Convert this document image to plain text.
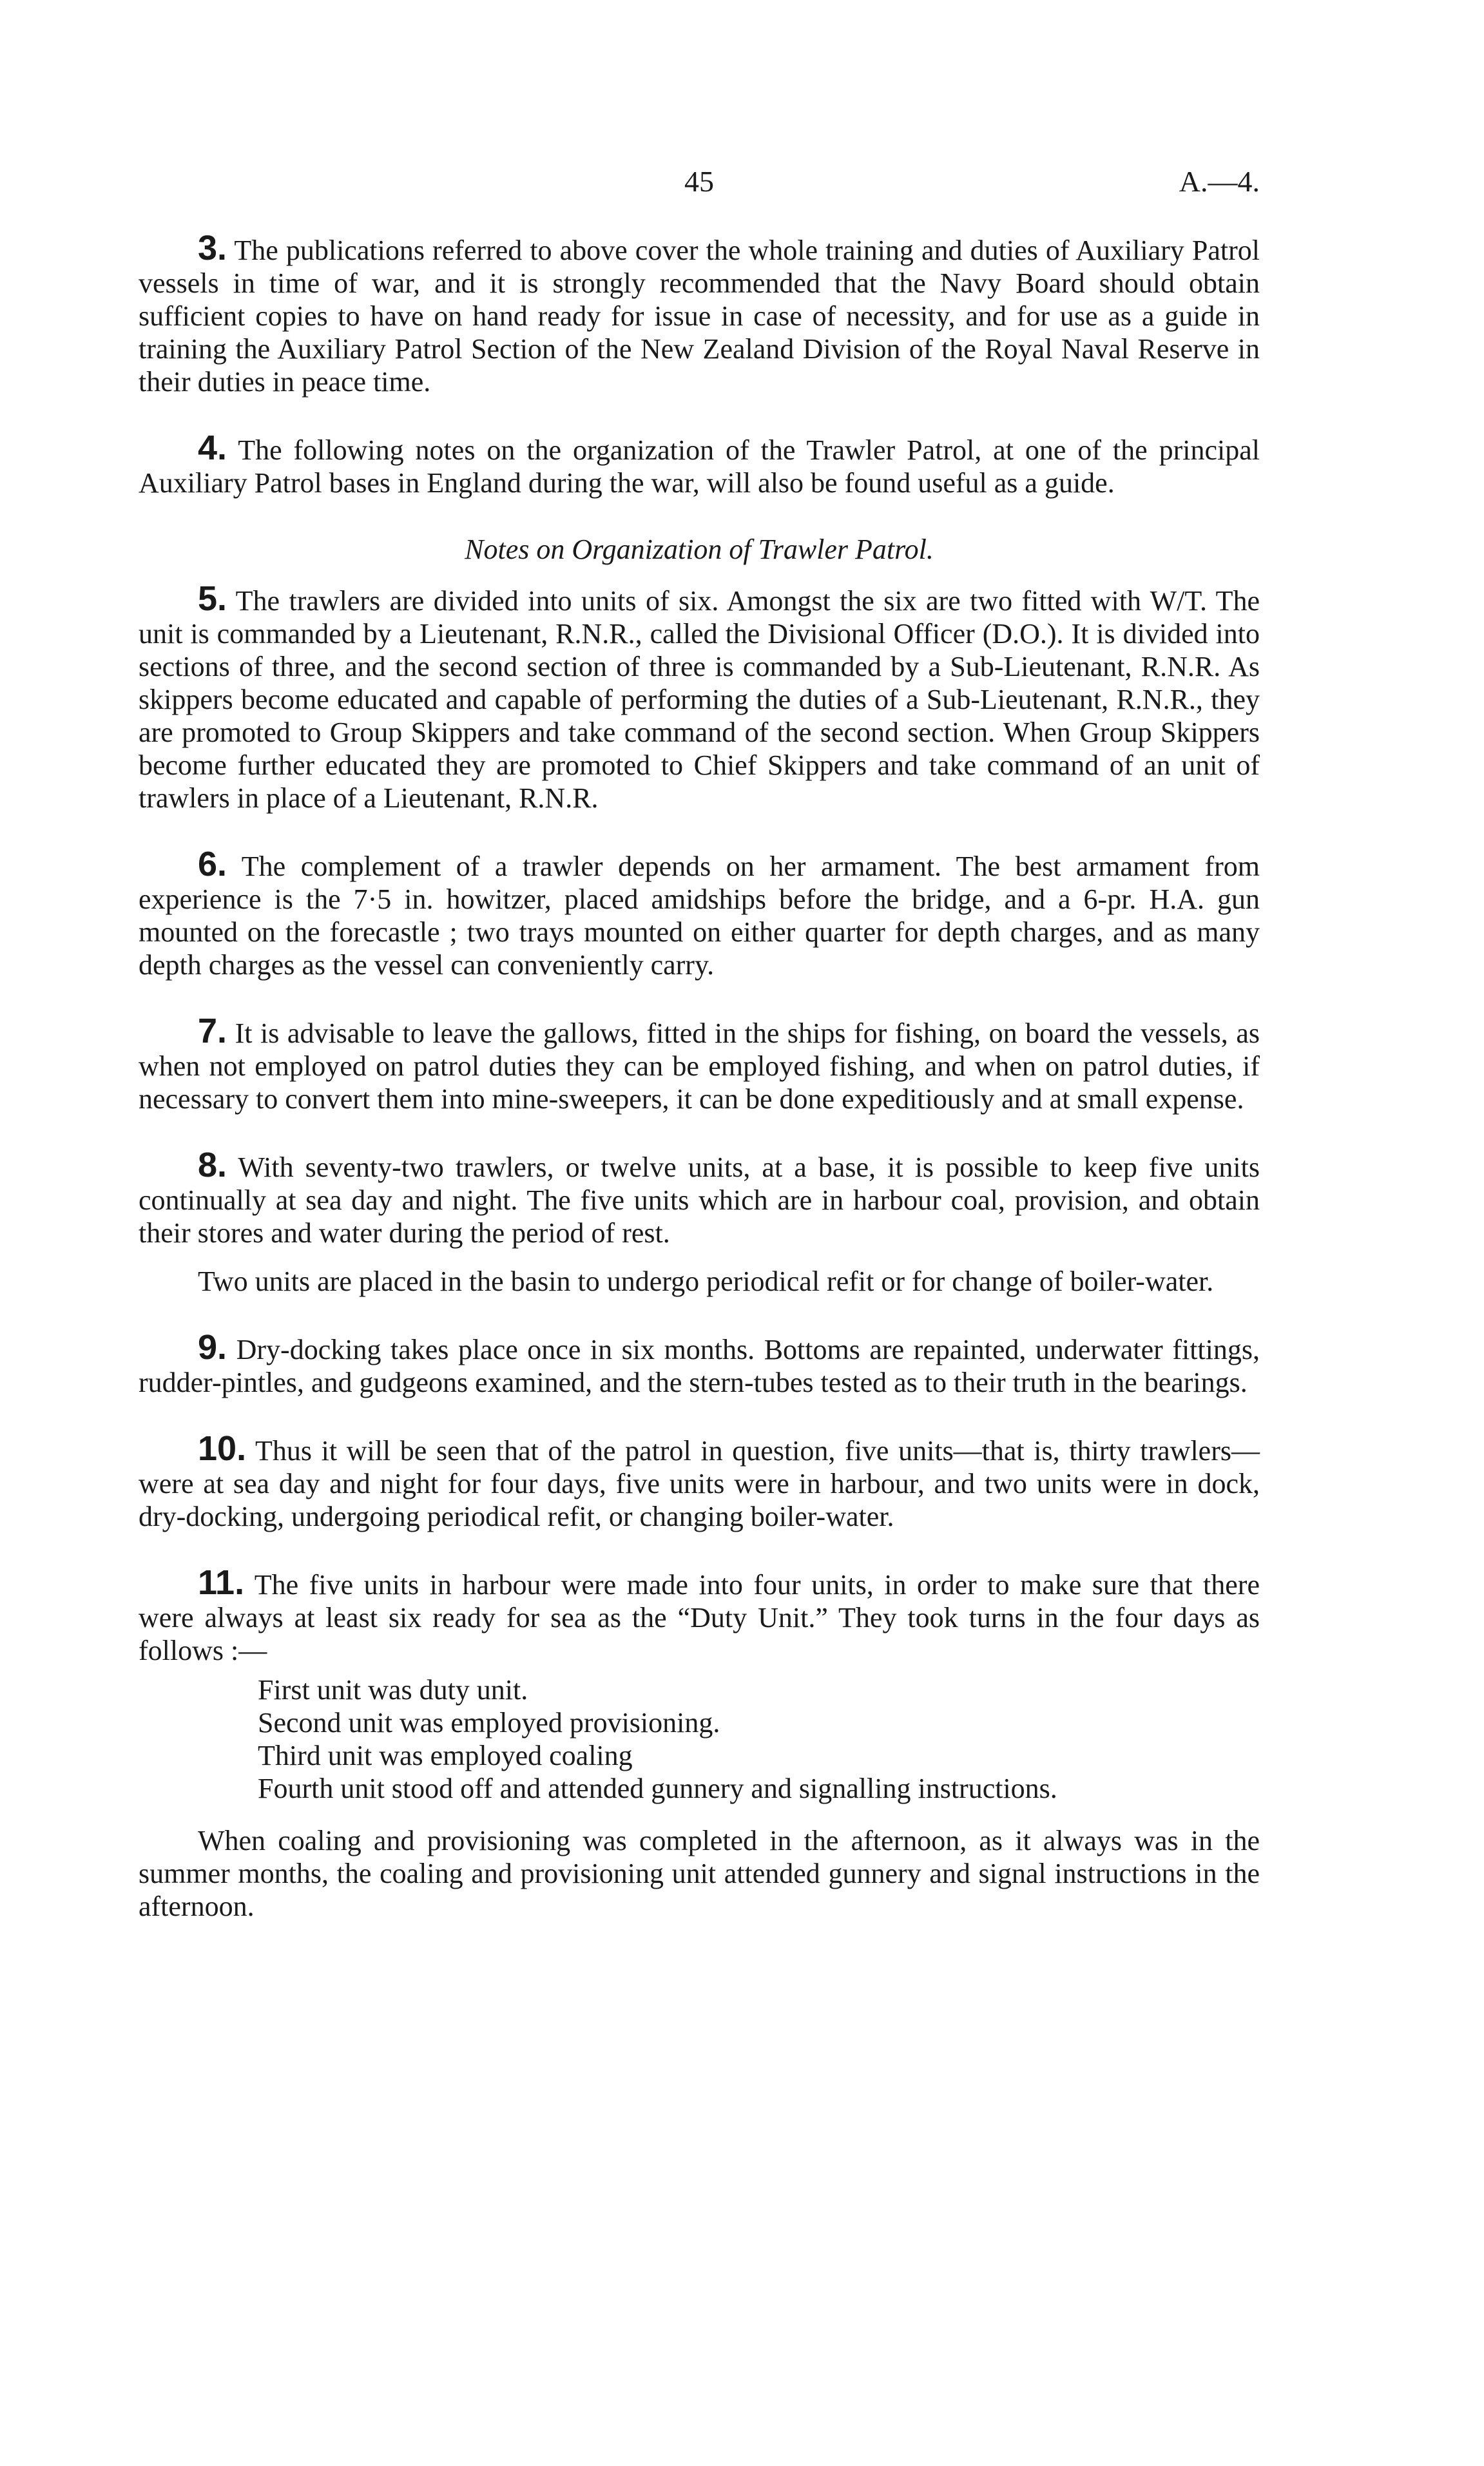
45	A.—4.

3. The publications referred to above cover the whole training and duties of Auxiliary Patrol vessels in time of war, and it is strongly recommended that the Navy Board should obtain sufficient copies to have on hand ready for issue in case of necessity, and for use as a guide in training the Auxiliary Patrol Section of the New Zealand Division of the Royal Naval Reserve in their duties in peace time.

4. The following notes on the organization of the Trawler Patrol, at one of the principal Auxiliary Patrol bases in England during the war, will also be found useful as a guide.

Notes on Organization of Trawler Patrol.

5. The trawlers are divided into units of six. Amongst the six are two fitted with W/T. The unit is commanded by a Lieutenant, R.N.R., called the Divisional Officer (D.O.). It is divided into sections of three, and the second section of three is commanded by a Sub-Lieutenant, R.N.R. As skippers become educated and capable of performing the duties of a Sub-Lieutenant, R.N.R., they are promoted to Group Skippers and take command of the second section. When Group Skippers become further educated they are promoted to Chief Skippers and take command of an unit of trawlers in place of a Lieutenant, R.N.R.

6. The complement of a trawler depends on her armament. The best armament from experience is the 7·5 in. howitzer, placed amidships before the bridge, and a 6-pr. H.A. gun mounted on the forecastle ; two trays mounted on either quarter for depth charges, and as many depth charges as the vessel can conveniently carry.

7. It is advisable to leave the gallows, fitted in the ships for fishing, on board the vessels, as when not employed on patrol duties they can be employed fishing, and when on patrol duties, if necessary to convert them into mine-sweepers, it can be done expeditiously and at small expense.

8. With seventy-two trawlers, or twelve units, at a base, it is possible to keep five units continually at sea day and night. The five units which are in harbour coal, provision, and obtain their stores and water during the period of rest.

Two units are placed in the basin to undergo periodical refit or for change of boiler-water.

9. Dry-docking takes place once in six months. Bottoms are repainted, underwater fittings, rudder-pintles, and gudgeons examined, and the stern-tubes tested as to their truth in the bearings.

10. Thus it will be seen that of the patrol in question, five units—that is, thirty trawlers—were at sea day and night for four days, five units were in harbour, and two units were in dock, dry-docking, undergoing periodical refit, or changing boiler-water.

11. The five units in harbour were made into four units, in order to make sure that there were always at least six ready for sea as the “Duty Unit.” They took turns in the four days as follows :—

First unit was duty unit.
Second unit was employed provisioning.
Third unit was employed coaling
Fourth unit stood off and attended gunnery and signalling instructions.

When coaling and provisioning was completed in the afternoon, as it always was in the summer months, the coaling and provisioning unit attended gunnery and signal instructions in the afternoon.
